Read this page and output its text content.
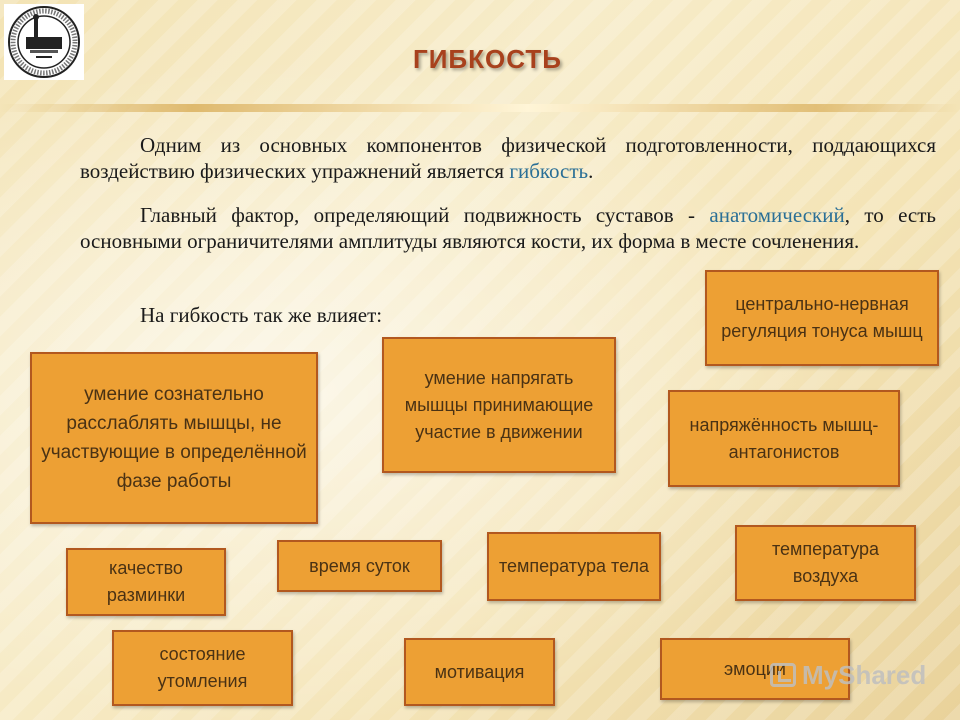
ГИБКОСТЬ
Одним из основных компонентов физической подготовленности, поддающихся воздействию физических упражнений является гибкость.
Главный фактор, определяющий подвижность суставов - анатомический, то есть основными ограничителями амплитуды являются кости, их форма в месте сочленения.
На гибкость так же влияет:	центрально-нервная регуляция тонуса мышц
умение сознательно расслаблять мышцы, не участвующие в определённой фазе работы
умение напрягать мышцы принимающие участие в движении	напряжённость мышц-антагонистов
качество разминки
время суток	температура тела
температура воздуха
состояние утомления	мотивация	эмоции MyShared
